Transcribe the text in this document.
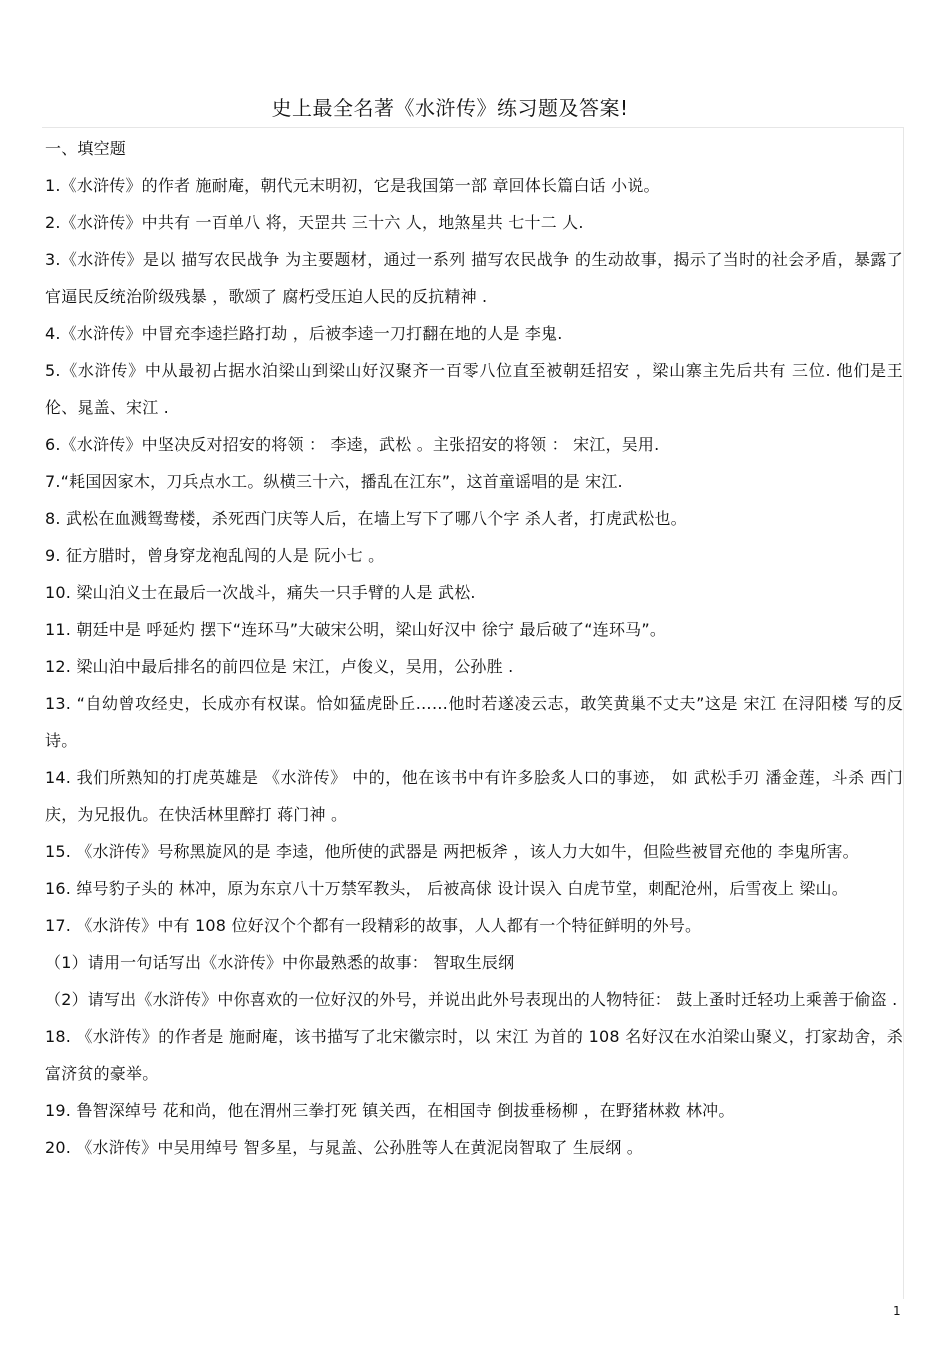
史上最全名著《水浒传》练习题及答案!

一、填空题

1.《水浒传》的作者 施耐庵，朝代元末明初，它是我国第一部 章回体长篇白话 小说。

2.《水浒传》中共有 一百单八 将，天罡共 三十六 人，地煞星共 七十二 人.

3.《水浒传》是以 描写农民战争 为主要题材，通过一系列 描写农民战争 的生动故事，揭示了当时的社会矛盾，暴露了 官逼民反统治阶级残暴 ，歌颂了 腐朽受压迫人民的反抗精神 .

4.《水浒传》中冒充李逵拦路打劫 ，后被李逵一刀打翻在地的人是 李鬼.

5.《水浒传》中从最初占据水泊梁山到梁山好汉聚齐一百零八位直至被朝廷招安 ，梁山寨主先后共有 三位. 他们是王伦、晁盖、宋江 .

6.《水浒传》中坚决反对招安的将领 ： 李逵，武松 。主张招安的将领 ： 宋江，吴用.

7.“耗国因家木，刀兵点水工。纵横三十六，播乱在江东”，这首童谣唱的是 宋江.

8. 武松在血溅鸳鸯楼，杀死西门庆等人后，在墙上写下了哪八个字 杀人者，打虎武松也。

9. 征方腊时，曾身穿龙袍乱闯的人是 阮小七 。

10. 梁山泊义士在最后一次战斗，痛失一只手臂的人是 武松.

11. 朝廷中是 呼延灼 摆下“连环马”大破宋公明，梁山好汉中 徐宁 最后破了“连环马”。

12. 梁山泊中最后排名的前四位是 宋江，卢俊义，吴用，公孙胜 .

13. “自幼曾攻经史，长成亦有权谋。恰如猛虎卧丘……他时若遂凌云志，敢笑黄巢不丈夫”这是 宋江 在浔阳楼 写的反诗。

14. 我们所熟知的打虎英雄是 《水浒传》 中的，他在该书中有许多脍炙人口的事迹， 如 武松手刃 潘金莲，斗杀 西门庆，为兄报仇。在快活林里醉打 蒋门神 。

15. 《水浒传》号称黑旋风的是 李逵，他所使的武器是 两把板斧 ，该人力大如牛，但险些被冒充他的 李鬼所害。

16. 绰号豹子头的 林冲，原为东京八十万禁军教头， 后被高俅 设计误入 白虎节堂，刺配沧州，后雪夜上 梁山。

17. 《水浒传》中有 108 位好汉个个都有一段精彩的故事，人人都有一个特征鲜明的外号。

（1）请用一句话写出《水浒传》中你最熟悉的故事： 智取生辰纲

（2）请写出《水浒传》中你喜欢的一位好汉的外号，并说出此外号表现出的人物特征： 鼓上蚤时迁轻功上乘善于偷盗 .

18. 《水浒传》的作者是 施耐庵，该书描写了北宋徽宗时，以 宋江 为首的 108 名好汉在水泊梁山聚义，打家劫舍，杀富济贫的豪举。

19. 鲁智深绰号 花和尚，他在渭州三拳打死 镇关西，在相国寺 倒拔垂杨柳 ，在野猪林救 林冲。

20. 《水浒传》中吴用绰号 智多星，与晁盖、公孙胜等人在黄泥岗智取了 生辰纲 。

1
